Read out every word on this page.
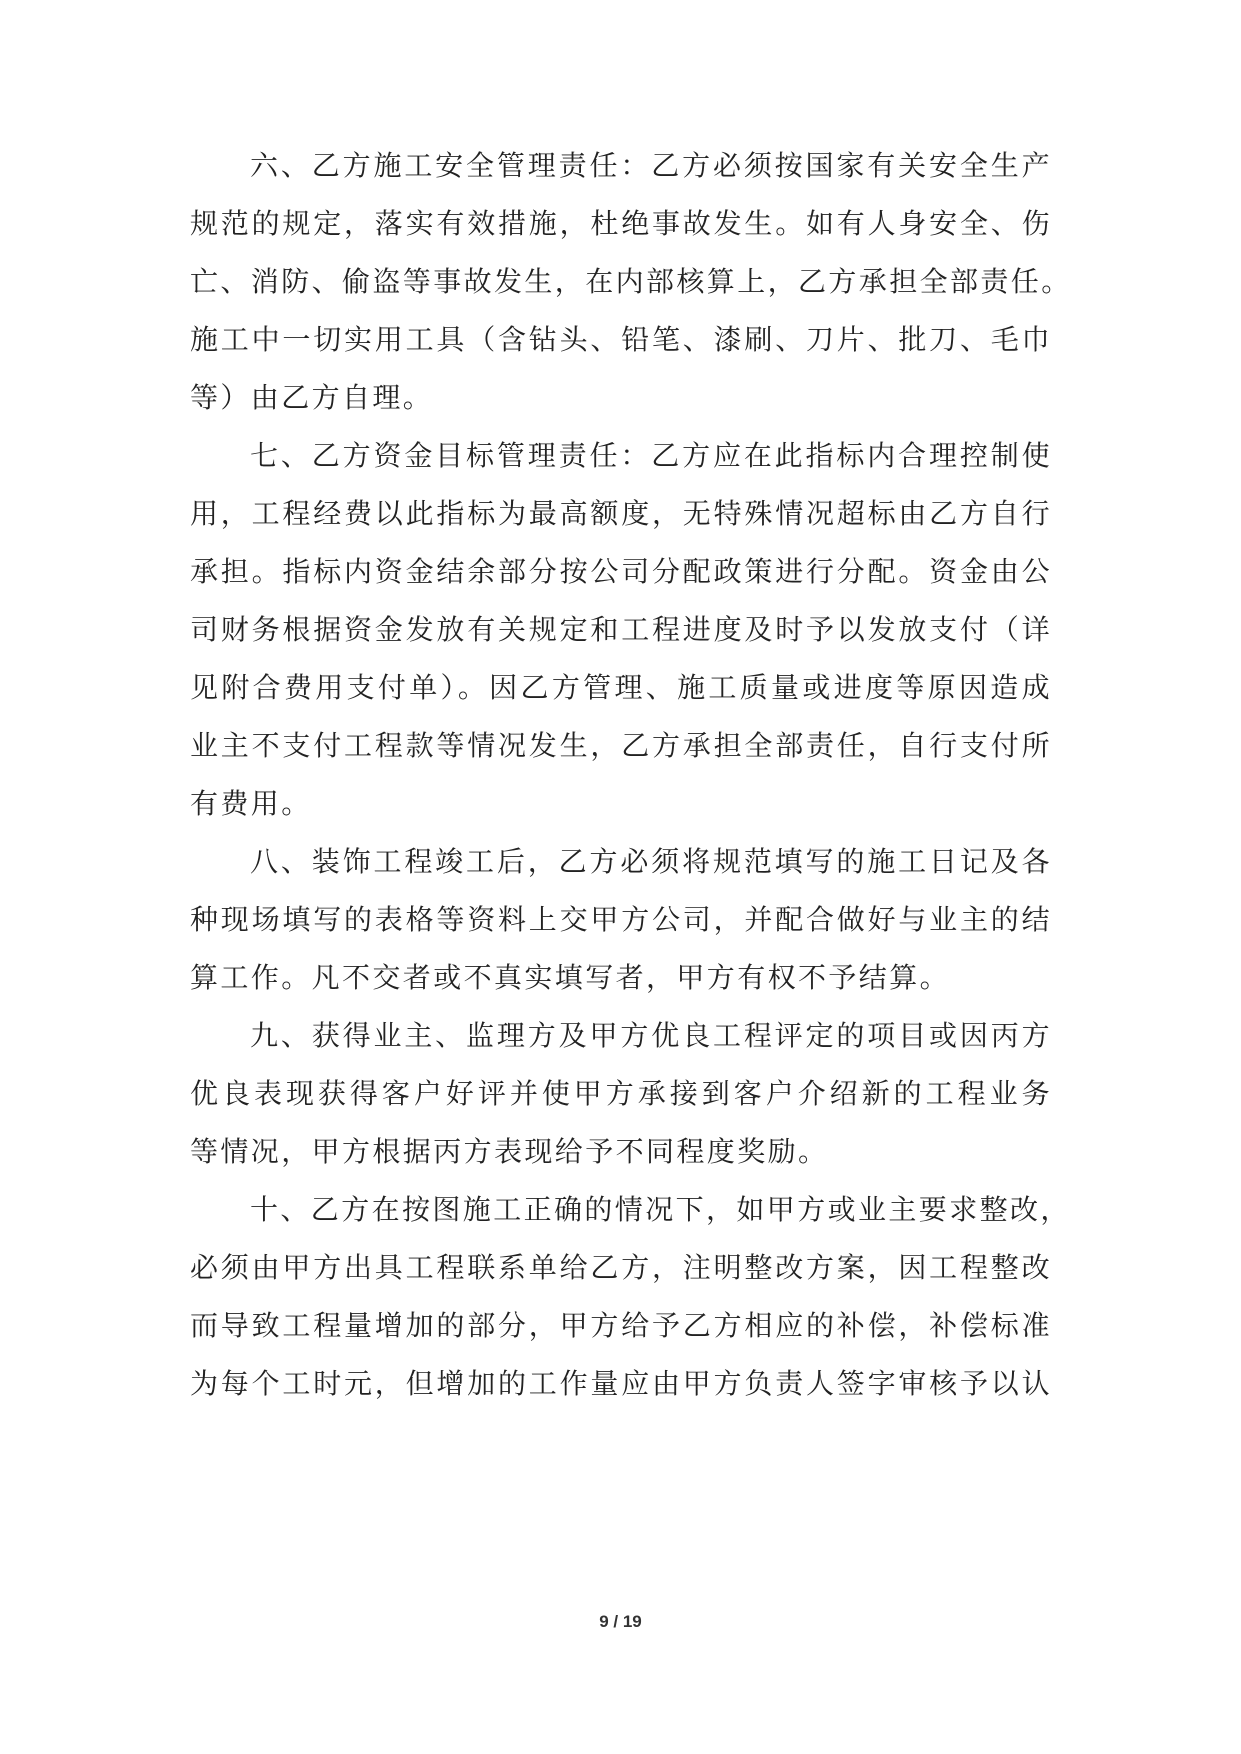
六、乙方施工安全管理责任：乙方必须按国家有关安全生产
规范的规定，落实有效措施，杜绝事故发生。如有人身安全、伤
亡、消防、偷盗等事故发生，在内部核算上，乙方承担全部责任。
施工中一切实用工具（含钻头、铅笔、漆刷、刀片、批刀、毛巾
等）由乙方自理。
七、乙方资金目标管理责任：乙方应在此指标内合理控制使
用，工程经费以此指标为最高额度，无特殊情况超标由乙方自行
承担。指标内资金结余部分按公司分配政策进行分配。资金由公
司财务根据资金发放有关规定和工程进度及时予以发放支付（详
见附合费用支付单）。因乙方管理、施工质量或进度等原因造成
业主不支付工程款等情况发生，乙方承担全部责任，自行支付所
有费用。
八、装饰工程竣工后，乙方必须将规范填写的施工日记及各
种现场填写的表格等资料上交甲方公司，并配合做好与业主的结
算工作。凡不交者或不真实填写者，甲方有权不予结算。
九、获得业主、监理方及甲方优良工程评定的项目或因丙方
优良表现获得客户好评并使甲方承接到客户介绍新的工程业务
等情况，甲方根据丙方表现给予不同程度奖励。
十、乙方在按图施工正确的情况下，如甲方或业主要求整改，
必须由甲方出具工程联系单给乙方，注明整改方案，因工程整改
而导致工程量增加的部分，甲方给予乙方相应的补偿，补偿标准
为每个工时元，但增加的工作量应由甲方负责人签字审核予以认
9 / 19
